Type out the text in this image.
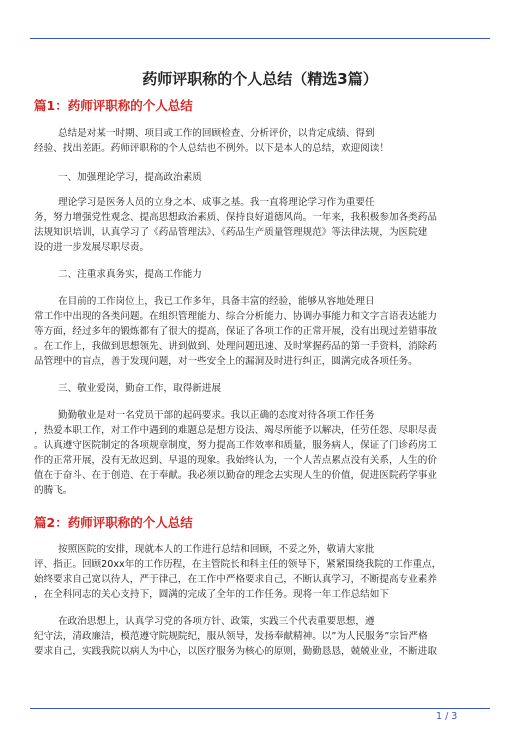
药师评职称的个人总结（精选3篇）
篇1：药师评职称的个人总结
总结是对某一时期、项目或工作的回顾检查、分析评价，以肯定成绩、得到
经验、找出差距。药师评职称的个人总结也不例外。以下是本人的总结，欢迎阅读！
一、加强理论学习，提高政治素质
理论学习是医务人员的立身之本、成事之基。我一直将理论学习作为重要任
务，努力增强党性观念、提高思想政治素质、保持良好道德风尚。一年来，我积极参加各类药品
法规知识培训，认真学习了《药品管理法》、《药品生产质量管理规范》等法律法规，为医院建
设的进一步发展尽职尽责。
二、注重求真务实，提高工作能力
在目前的工作岗位上，我已工作多年，具备丰富的经验，能够从容地处理日
常工作中出现的各类问题。在组织管理能力、综合分析能力、协调办事能力和文字言语表达能力
等方面，经过多年的锻炼都有了很大的提高，保证了各项工作的正常开展，没有出现过差错事故
。在工作上，我做到思想领先、讲到做到、处理问题迅速、及时掌握药品的第一手资料，消除药
品管理中的盲点，善于发现问题，对一些安全上的漏洞及时进行纠正，圆满完成各项任务。
三、敬业爱岗，勤奋工作，取得新进展
勤勤敬业是对一名党员干部的起码要求。我以正确的态度对待各项工作任务
，热爱本职工作，对工作中遇到的难题总是想方设法、竭尽所能予以解决，任劳任怨、尽职尽责
。认真遵守医院制定的各项规章制度，努力提高工作效率和质量，服务病人，保证了门诊药房工
作的正常开展，没有无故迟到、早退的现象。我始终认为，一个人苦点累点没有关系，人生的价
值在于奋斗、在于创造、在于奉献。我必须以勤奋的理念去实现人生的价值，促进医院药学事业
的腾飞。
篇2：药师评职称的个人总结
按照医院的安排，现就本人的工作进行总结和回顾，不妥之外，敬请大家批
评、指正。回顾20xx年的工作历程，在主管院长和科主任的领导下，紧紧围绕我院的工作重点，
始终要求自己宽以待人，严于律己，在工作中严格要求自己，不断认真学习，不断提高专业素养
，在全科同志的关心支持下，圆满的完成了全年的工作任务。现将一年工作总结如下
在政治思想上，认真学习党的各项方针、政策，实践三个代表重要思想，遵
纪守法，清政廉洁，模范遵守院规院纪，服从领导，发扬奉献精神。以”为人民服务”宗旨严格
要求自己，实践我院以病人为中心，以医疗服务为核心的原则，勤勤恳恳，兢兢业业，不断进取
1 / 3
